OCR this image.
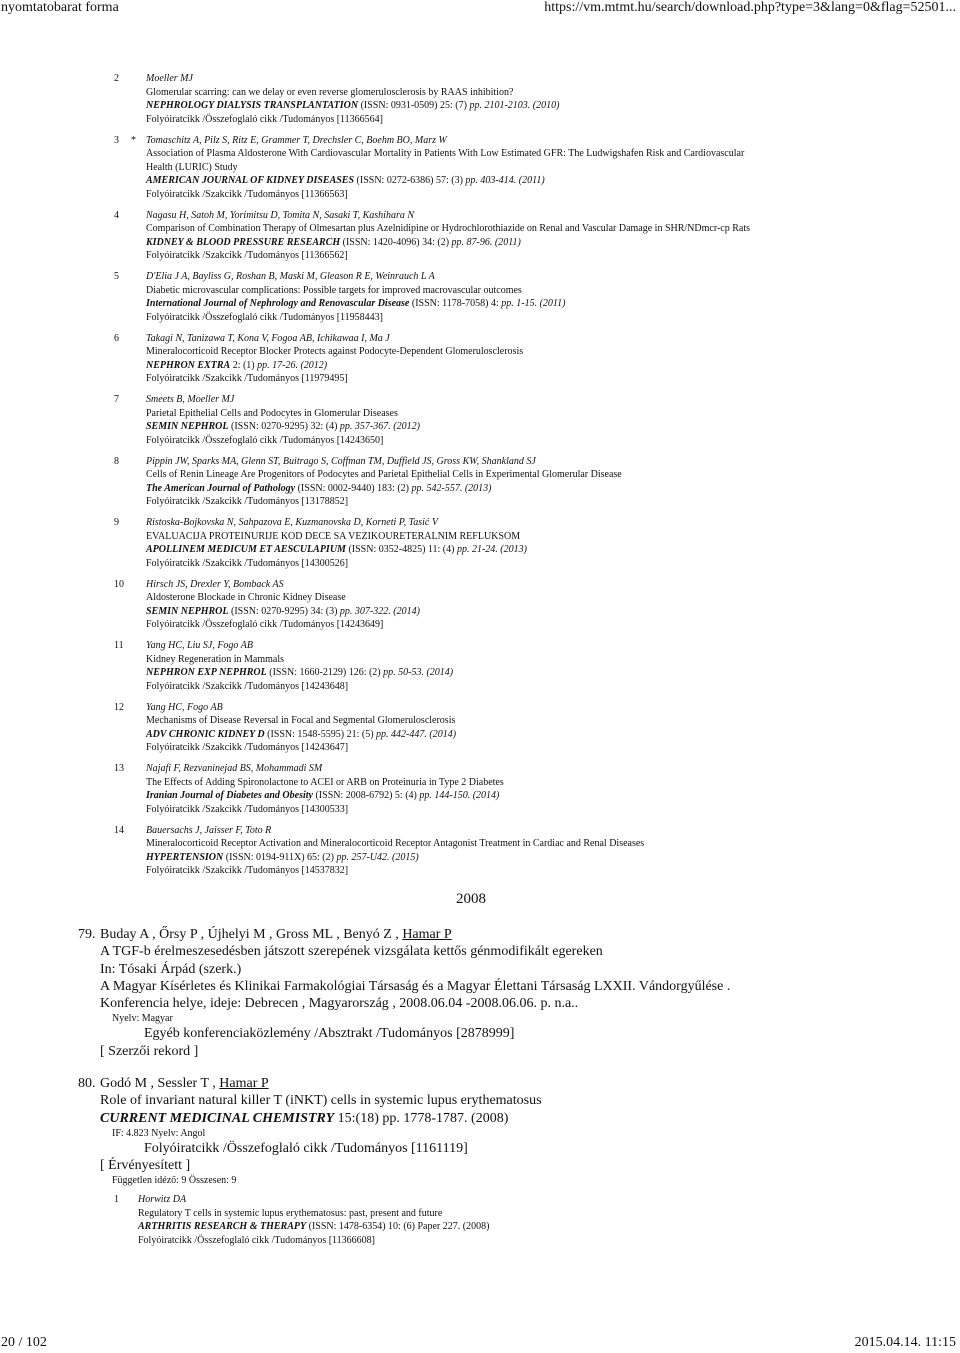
nyomtatobarat forma	https://vm.mtmt.hu/search/download.php?type=3&lang=0&flag=52501...
2	Moeller MJ
Glomerular scarring: can we delay or even reverse glomerulosclerosis by RAAS inhibition?
NEPHROLOGY DIALYSIS TRANSPLANTATION (ISSN: 0931-0509) 25: (7) pp. 2101-2103. (2010)
Folyóiratcikk /Összefoglaló cikk /Tudományos [11366564]
3 * Tomaschitz A, Pilz S, Ritz E, Grammer T, Drechsler C, Boehm BO, Marz W
Association of Plasma Aldosterone With Cardiovascular Mortality in Patients With Low Estimated GFR: The Ludwigshafen Risk and Cardiovascular Health (LURIC) Study
AMERICAN JOURNAL OF KIDNEY DISEASES (ISSN: 0272-6386) 57: (3) pp. 403-414. (2011)
Folyóiratcikk /Szakcikk /Tudományos [11366563]
4	Nagasu H, Satoh M, Yorimitsu D, Tomita N, Sasaki T, Kashihara N
Comparison of Combination Therapy of Olmesartan plus Azelnidipine or Hydrochlorothiazide on Renal and Vascular Damage in SHR/NDmcr-cp Rats
KIDNEY & BLOOD PRESSURE RESEARCH (ISSN: 1420-4096) 34: (2) pp. 87-96. (2011)
Folyóiratcikk /Szakcikk /Tudományos [11366562]
5	D'Elia J A, Bayliss G, Roshan B, Maski M, Gleason R E, Weinrauch L A
Diabetic microvascular complications: Possible targets for improved macrovascular outcomes
International Journal of Nephrology and Renovascular Disease (ISSN: 1178-7058) 4: pp. 1-15. (2011)
Folyóiratcikk /Összefoglaló cikk /Tudományos [11958443]
6	Takagi N, Tanizawa T, Kona V, Fogoa AB, Ichikawaa I, Ma J
Mineralocorticoid Receptor Blocker Protects against Podocyte-Dependent Glomerulosclerosis
NEPHRON EXTRA 2: (1) pp. 17-26. (2012)
Folyóiratcikk /Szakcikk /Tudományos [11979495]
7	Smeets B, Moeller MJ
Parietal Epithelial Cells and Podocytes in Glomerular Diseases
SEMIN NEPHROL (ISSN: 0270-9295) 32: (4) pp. 357-367. (2012)
Folyóiratcikk /Összefoglaló cikk /Tudományos [14243650]
8	Pippin JW, Sparks MA, Glenn ST, Buitrago S, Coffman TM, Duffield JS, Gross KW, Shankland SJ
Cells of Renin Lineage Are Progenitors of Podocytes and Parietal Epithelial Cells in Experimental Glomerular Disease
The American Journal of Pathology (ISSN: 0002-9440) 183: (2) pp. 542-557. (2013)
Folyóiratcikk /Szakcikk /Tudományos [13178852]
9	Ristoska-Bojkovska N, Sahpazova E, Kuzmanovska D, Korneti P, Tasić V
EVALUACIJA PROTEINURIJE KOD DECE SA VEZIKOURETERALNIM REFLUKSOM
APOLLINEM MEDICUM ET AESCULAPIUM (ISSN: 0352-4825) 11: (4) pp. 21-24. (2013)
Folyóiratcikk /Szakcikk /Tudományos [14300526]
10 Hirsch JS, Drexler Y, Bomback AS
Aldosterone Blockade in Chronic Kidney Disease
SEMIN NEPHROL (ISSN: 0270-9295) 34: (3) pp. 307-322. (2014)
Folyóiratcikk /Összefoglaló cikk /Tudományos [14243649]
11 Yang HC, Liu SJ, Fogo AB
Kidney Regeneration in Mammals
NEPHRON EXP NEPHROL (ISSN: 1660-2129) 126: (2) pp. 50-53. (2014)
Folyóiratcikk /Szakcikk /Tudományos [14243648]
12 Yang HC, Fogo AB
Mechanisms of Disease Reversal in Focal and Segmental Glomerulosclerosis
ADV CHRONIC KIDNEY D (ISSN: 1548-5595) 21: (5) pp. 442-447. (2014)
Folyóiratcikk /Szakcikk /Tudományos [14243647]
13 Najafi F, Rezvaninejad BS, Mohammadi SM
The Effects of Adding Spironolactone to ACEI or ARB on Proteinuria in Type 2 Diabetes
Iranian Journal of Diabetes and Obesity (ISSN: 2008-6792) 5: (4) pp. 144-150. (2014)
Folyóiratcikk /Szakcikk /Tudományos [14300533]
14 Bauersachs J, Jaisser F, Toto R
Mineralocorticoid Receptor Activation and Mineralocorticoid Receptor Antagonist Treatment in Cardiac and Renal Diseases
HYPERTENSION (ISSN: 0194-911X) 65: (2) pp. 257-U42. (2015)
Folyóiratcikk /Szakcikk /Tudományos [14537832]
2008
79. Buday A , Őrsy P , Újhelyi M , Gross ML , Benyó Z , Hamar P
A TGF-b érelmeszesedésben játszott szerepének vizsgálata kettős génmodifikált egereken
In: Tósaki Árpád (szerk.)
A Magyar Kísérletes és Klinikai Farmakológiai Társaság és a Magyar Élettani Társaság LXXII. Vándorgyűlése .
Konferencia helye, ideje: Debrecen , Magyarország , 2008.06.04 -2008.06.06. p. n.a..
Nyelv: Magyar
Egyéb konferenciaközlemény /Absztrakt /Tudományos [2878999]
[ Szerzői rekord ]
80. Godó M , Sessler T , Hamar P
Role of invariant natural killer T (iNKT) cells in systemic lupus erythematosus
CURRENT MEDICINAL CHEMISTRY 15:(18) pp. 1778-1787. (2008)
IF: 4.823 Nyelv: Angol
Folyóiratcikk /Összefoglaló cikk /Tudományos [1161119]
[ Érvényesített ]
Független idéző: 9 Összesen: 9
1 Horwitz DA
Regulatory T cells in systemic lupus erythematosus: past, present and future
ARTHRITIS RESEARCH & THERAPY (ISSN: 1478-6354) 10: (6) Paper 227. (2008)
Folyóiratcikk /Összefoglaló cikk /Tudományos [11366608]
20 / 102	2015.04.14. 11:15
